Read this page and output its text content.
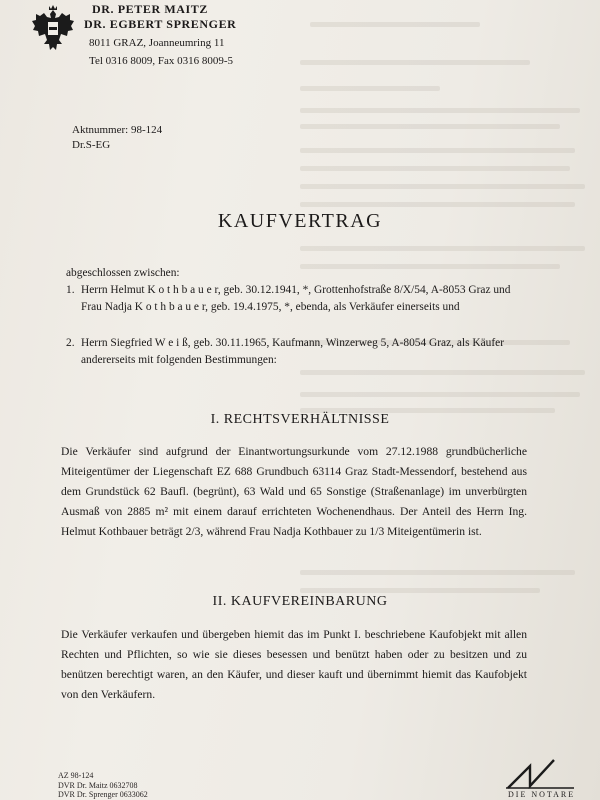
DR. PETER MAITZ
DR. EGBERT SPRENGER
8011 GRAZ, Joanneumring 11
Tel 0316 8009, Fax 0316 8009-5
Aktnummer: 98-124
Dr.S-EG
KAUFVERTRAG
abgeschlossen zwischen:
1. Herrn Helmut K o t h b a u e r, geb. 30.12.1941, *, Grottenhofstraße 8/X/54, A-8053 Graz und Frau Nadja K o t h b a u e r, geb. 19.4.1975, *, ebenda, als Verkäufer einerseits und
2. Herrn Siegfried W e i ß, geb. 30.11.1965, Kaufmann, Winzerweg 5, A-8054 Graz, als Käufer andererseits mit folgenden Bestimmungen:
I. RECHTSVERHÄLTNISSE
Die Verkäufer sind aufgrund der Einantwortungsurkunde vom 27.12.1988 grundbücherliche Miteigentümer der Liegenschaft EZ 688 Grundbuch 63114 Graz Stadt-Messendorf, bestehend aus dem Grundstück 62 Baufl. (begrünt), 63 Wald und 65 Sonstige (Straßenanlage) im unverbürgten Ausmaß von 2885 m² mit einem darauf errichteten Wochenendhaus. Der Anteil des Herrn Ing. Helmut Kothbauer beträgt 2/3, während Frau Nadja Kothbauer zu 1/3 Miteigentümerin ist.
II. KAUFVEREINBARUNG
Die Verkäufer verkaufen und übergeben hiemit das im Punkt I. beschriebene Kaufobjekt mit allen Rechten und Pflichten, so wie sie dieses besessen und benützt haben oder zu besitzen und zu benützen berechtigt waren, an den Käufer, und dieser kauft und übernimmt hiemit das Kaufobjekt von den Verkäufern.
AZ 98-124
DVR Dr. Maitz 0632708
DVR Dr. Sprenger 0633062	DIE NOTARE
